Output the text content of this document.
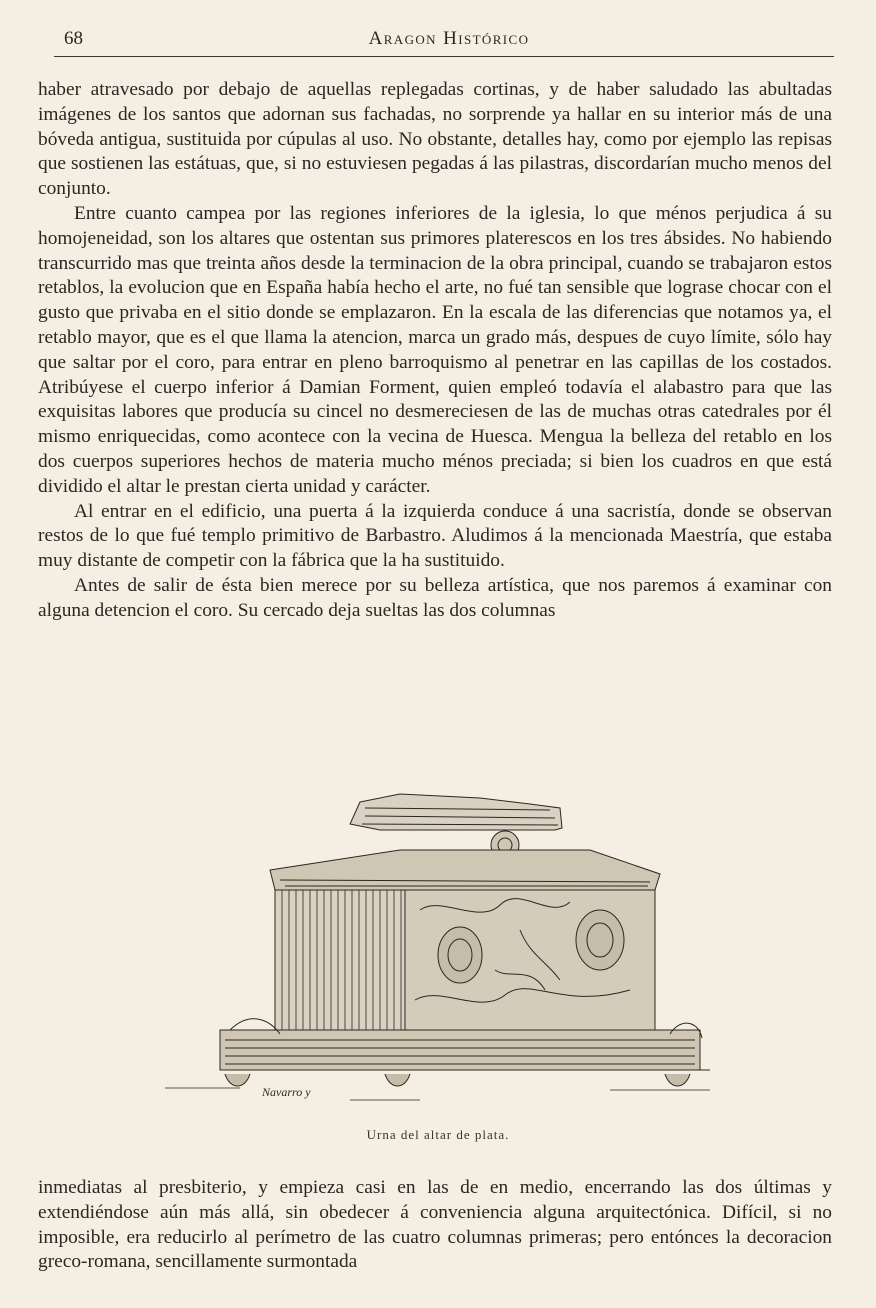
68	Aragon Histórico

haber atravesado por debajo de aquellas replegadas cortinas, y de haber saludado las abultadas imágenes de los santos que adornan sus fachadas, no sorprende ya hallar en su interior más de una bóveda antigua, sustituida por cúpulas al uso. No obstante, detalles hay, como por ejemplo las repisas que sostienen las estátuas, que, si no estuviesen pegadas á las pilastras, discordarían mucho menos del conjunto.

Entre cuanto campea por las regiones inferiores de la iglesia, lo que ménos perjudica á su homojeneidad, son los altares que ostentan sus primores platerescos en los tres ábsides. No habiendo transcurrido mas que treinta años desde la terminacion de la obra principal, cuando se trabajaron estos retablos, la evolucion que en España había hecho el arte, no fué tan sensible que lograse chocar con el gusto que privaba en el sitio donde se emplazaron. En la escala de las diferencias que notamos ya, el retablo mayor, que es el que llama la atencion, marca un grado más, despues de cuyo límite, sólo hay que saltar por el coro, para entrar en pleno barroquismo al penetrar en las capillas de los costados. Atribúyese el cuerpo inferior á Damian Forment, quien empleó todavía el alabastro para que las exquisitas labores que producía su cincel no desmereciesen de las de muchas otras catedrales por él mismo enriquecidas, como acontece con la vecina de Huesca. Mengua la belleza del retablo en los dos cuerpos superiores hechos de materia mucho ménos preciada; si bien los cuadros en que está dividido el altar le prestan cierta unidad y carácter.

Al entrar en el edificio, una puerta á la izquierda conduce á una sacristía, donde se observan restos de lo que fué templo primitivo de Barbastro. Aludimos á la mencionada Maestría, que estaba muy distante de competir con la fábrica que la ha sustituido.

Antes de salir de ésta bien merece por su belleza artística, que nos paremos á examinar con alguna detencion el coro. Su cercado deja sueltas las dos columnas

Navarro y
Urna del altar de plata.

inmediatas al presbiterio, y empieza casi en las de en medio, encerrando las dos últimas y extendiéndose aún más allá, sin obedecer á conveniencia alguna arquitectónica. Difícil, si no imposible, era reducirlo al perímetro de las cuatro columnas primeras; pero entónces la decoracion greco-romana, sencillamente surmontada
